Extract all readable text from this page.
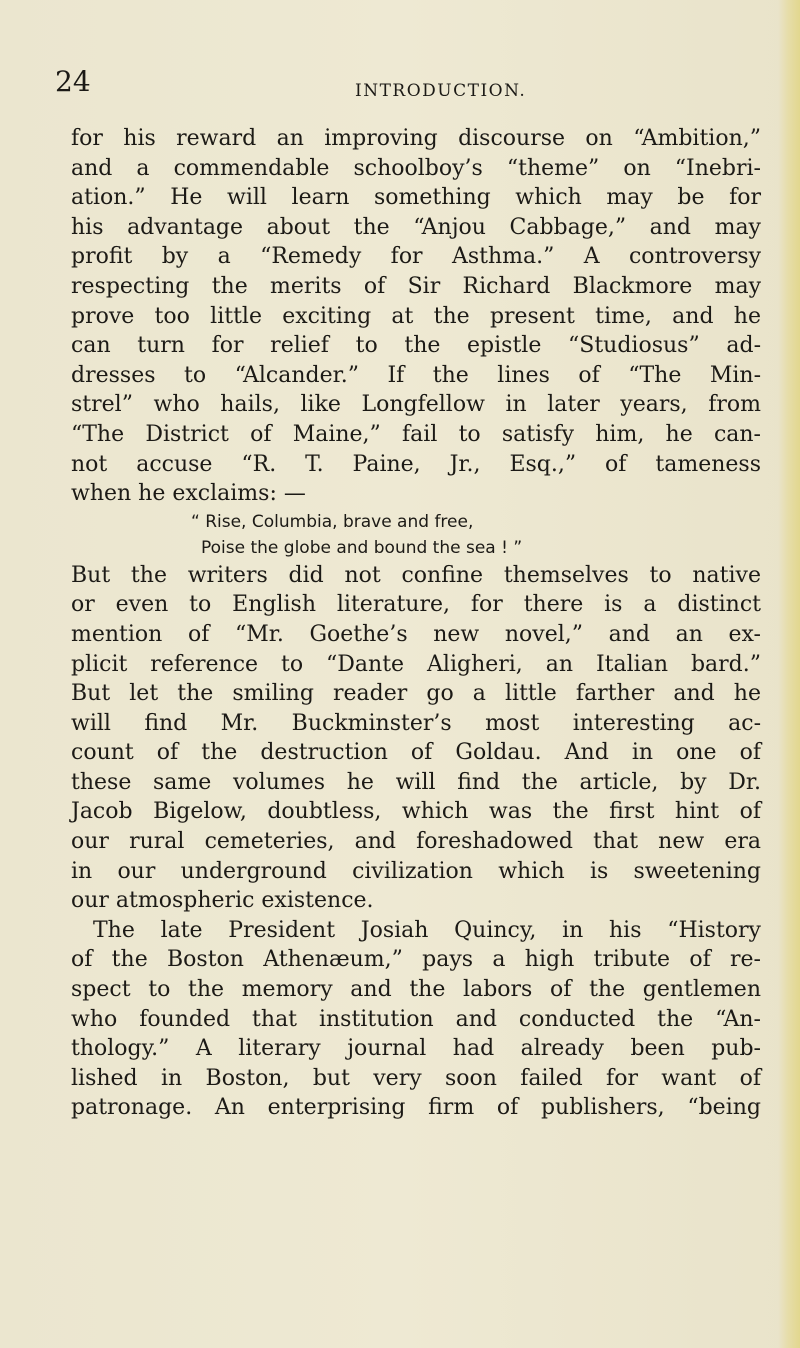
24	INTRODUCTION.
for his reward an improving discourse on “Ambition,”
and a commendable schoolboy’s “theme” on “Inebri-
ation.” He will learn something which may be for
his advantage about the “Anjou Cabbage,” and may
profit by a “Remedy for Asthma.” A controversy
respecting the merits of Sir Richard Blackmore may
prove too little exciting at the present time, and he
can turn for relief to the epistle “Studiosus” ad-
dresses to “Alcander.” If the lines of “The Min-
strel” who hails, like Longfellow in later years, from
“The District of Maine,” fail to satisfy him, he can-
not accuse “R. T. Paine, Jr., Esq.,” of tameness
when he exclaims: —
“ Rise, Columbia, brave and free,
Poise the globe and bound the sea ! ”
But the writers did not confine themselves to native
or even to English literature, for there is a distinct
mention of “Mr. Goethe’s new novel,” and an ex-
plicit reference to “Dante Aligheri, an Italian bard.”
But let the smiling reader go a little farther and he
will find Mr. Buckminster’s most interesting ac-
count of the destruction of Goldau. And in one of
these same volumes he will find the article, by Dr.
Jacob Bigelow, doubtless, which was the first hint of
our rural cemeteries, and foreshadowed that new era
in our underground civilization which is sweetening
our atmospheric existence.
The late President Josiah Quincy, in his “History
of the Boston Athenæum,” pays a high tribute of re-
spect to the memory and the labors of the gentlemen
who founded that institution and conducted the “An-
thology.” A literary journal had already been pub-
lished in Boston, but very soon failed for want of
patronage. An enterprising firm of publishers, “being
